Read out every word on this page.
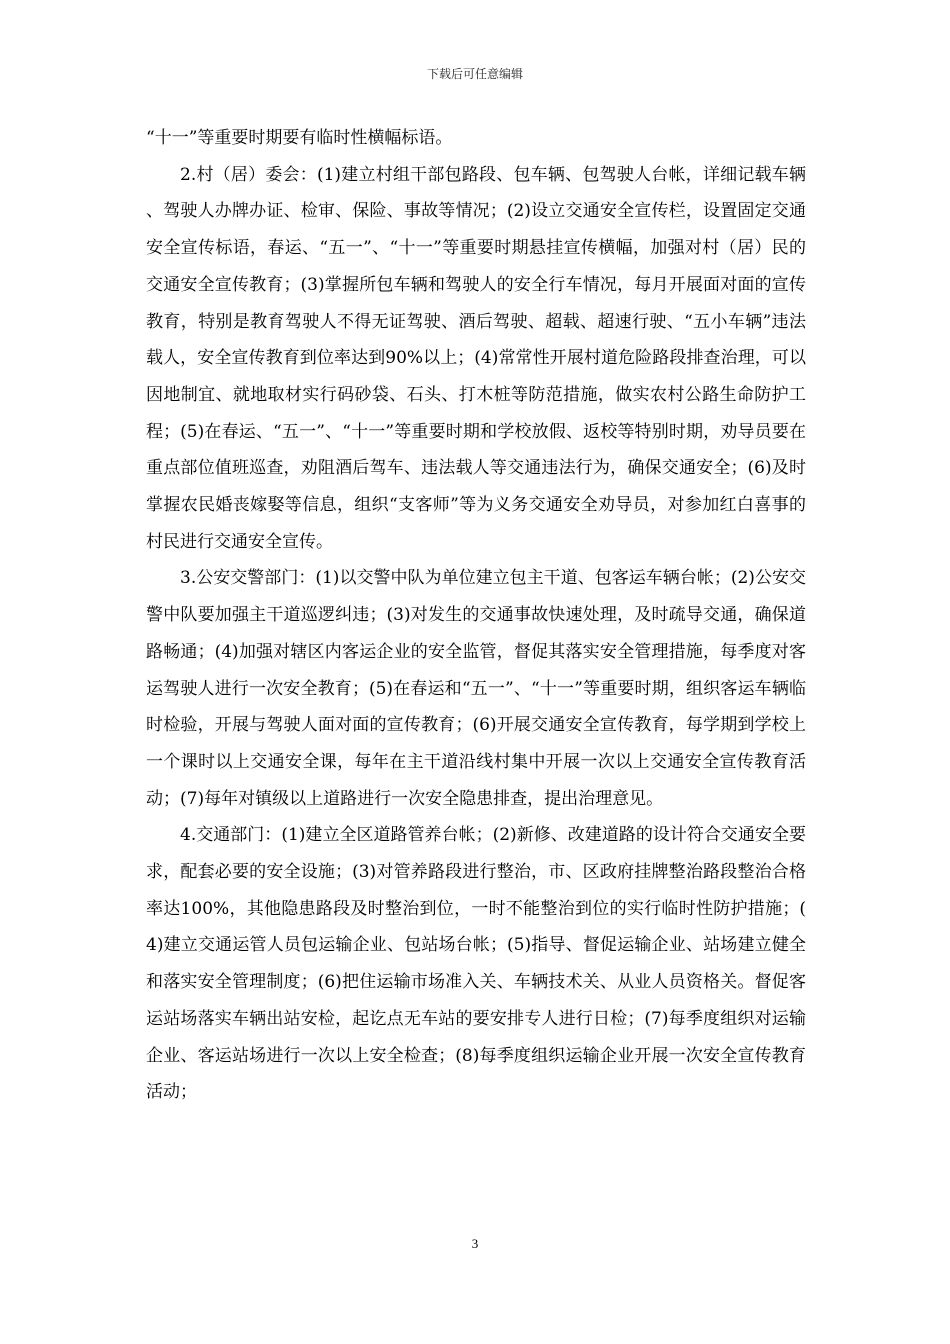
下载后可任意编辑

“十一”等重要时期要有临时性横幅标语。

2.村（居）委会：(1)建立村组干部包路段、包车辆、包驾驶人台帐，详细记载车辆、驾驶人办牌办证、检审、保险、事故等情况；(2)设立交通安全宣传栏，设置固定交通安全宣传标语，春运、“五一”、“十一”等重要时期悬挂宣传横幅，加强对村（居）民的交通安全宣传教育；(3)掌握所包车辆和驾驶人的安全行车情况，每月开展面对面的宣传教育，特别是教育驾驶人不得无证驾驶、酒后驾驶、超载、超速行驶、“五小车辆”违法载人，安全宣传教育到位率达到90%以上；(4)常常性开展村道危险路段排查治理，可以因地制宜、就地取材实行码砂袋、石头、打木桩等防范措施，做实农村公路生命防护工程；(5)在春运、“五一”、“十一”等重要时期和学校放假、返校等特别时期，劝导员要在重点部位值班巡查，劝阻酒后驾车、违法载人等交通违法行为，确保交通安全；(6)及时掌握农民婚丧嫁娶等信息，组织“支客师”等为义务交通安全劝导员，对参加红白喜事的村民进行交通安全宣传。

3.公安交警部门：(1)以交警中队为单位建立包主干道、包客运车辆台帐；(2)公安交警中队要加强主干道巡逻纠违；(3)对发生的交通事故快速处理，及时疏导交通，确保道路畅通；(4)加强对辖区内客运企业的安全监管，督促其落实安全管理措施，每季度对客运驾驶人进行一次安全教育；(5)在春运和“五一”、“十一”等重要时期，组织客运车辆临时检验，开展与驾驶人面对面的宣传教育；(6)开展交通安全宣传教育，每学期到学校上一个课时以上交通安全课，每年在主干道沿线村集中开展一次以上交通安全宣传教育活动；(7)每年对镇级以上道路进行一次安全隐患排查，提出治理意见。

4.交通部门：(1)建立全区道路管养台帐；(2)新修、改建道路的设计符合交通安全要求，配套必要的安全设施；(3)对管养路段进行整治，市、区政府挂牌整治路段整治合格率达100%，其他隐患路段及时整治到位，一时不能整治到位的实行临时性防护措施；(4)建立交通运管人员包运输企业、包站场台帐；(5)指导、督促运输企业、站场建立健全和落实安全管理制度；(6)把住运输市场准入关、车辆技术关、从业人员资格关。督促客运站场落实车辆出站安检，起讫点无车站的要安排专人进行日检；(7)每季度组织对运输企业、客运站场进行一次以上安全检查；(8)每季度组织运输企业开展一次安全宣传教育活动；

3
